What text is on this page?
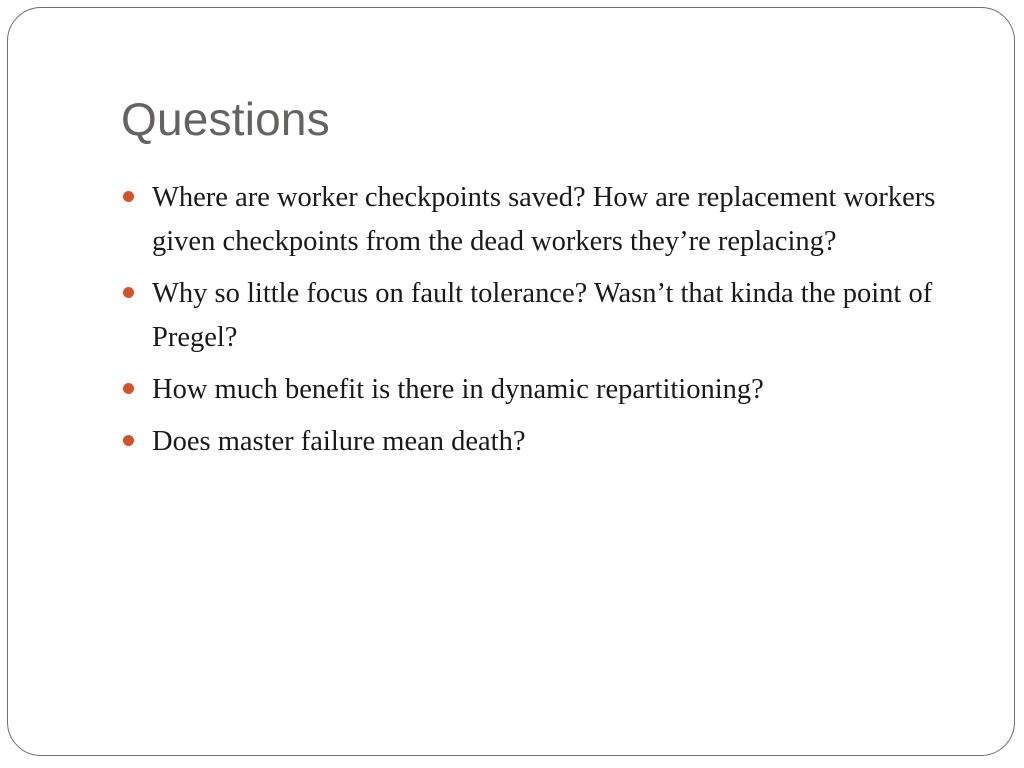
Questions
Where are worker checkpoints saved? How are replacement workers given checkpoints from the dead workers they’re replacing?
Why so little focus on fault tolerance? Wasn’t that kinda the point of Pregel?
How much benefit is there in dynamic repartitioning?
Does master failure mean death?
